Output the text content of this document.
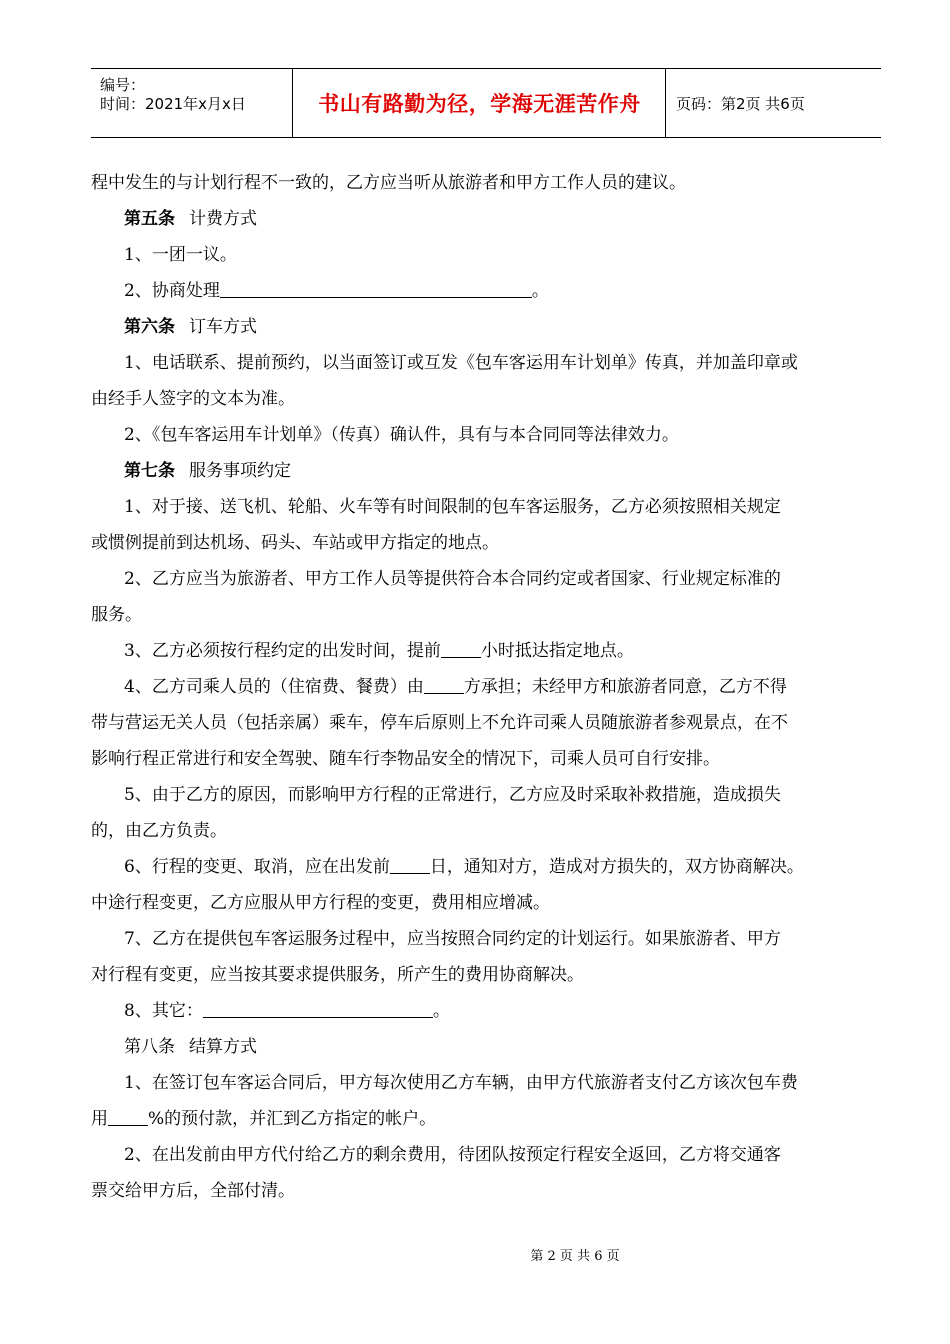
编号：
时间：2021年x月x日	书山有路勤为径，学海无涯苦作舟	页码：第2页 共6页
程中发生的与计划行程不一致的，乙方应当听从旅游者和甲方工作人员的建议。
第五条 计费方式
1、一团一议。
2、协商处理	。
第六条 订车方式
1、电话联系、提前预约，以当面签订或互发《包车客运用车计划单》传真，并加盖印章或
由经手人签字的文本为准。
2、《包车客运用车计划单》（传真）确认件，具有与本合同同等法律效力。
第七条 服务事项约定
1、对于接、送飞机、轮船、火车等有时间限制的包车客运服务，乙方必须按照相关规定
或惯例提前到达机场、码头、车站或甲方指定的地点。
2、乙方应当为旅游者、甲方工作人员等提供符合本合同约定或者国家、行业规定标准的
服务。
3、乙方必须按行程约定的出发时间，提前 小时抵达指定地点。
4、乙方司乘人员的（住宿费、餐费）由 方承担；未经甲方和旅游者同意，乙方不得
带与营运无关人员（包括亲属）乘车，停车后原则上不允许司乘人员随旅游者参观景点，在不
影响行程正常进行和安全驾驶、随车行李物品安全的情况下，司乘人员可自行安排。
5、由于乙方的原因，而影响甲方行程的正常进行，乙方应及时采取补救措施，造成损失
的，由乙方负责。
6、行程的变更、取消，应在出发前 日，通知对方，造成对方损失的，双方协商解决。
中途行程变更，乙方应服从甲方行程的变更，费用相应增减。
7、乙方在提供包车客运服务过程中，应当按照合同约定的计划运行。如果旅游者、甲方
对行程有变更，应当按其要求提供服务，所产生的费用协商解决。
8、其它：	。
第八条 结算方式
1、在签订包车客运合同后，甲方每次使用乙方车辆，由甲方代旅游者支付乙方该次包车费
用 %的预付款，并汇到乙方指定的帐户。
2、在出发前由甲方代付给乙方的剩余费用，待团队按预定行程安全返回，乙方将交通客
票交给甲方后，全部付清。
第 2 页 共 6 页
